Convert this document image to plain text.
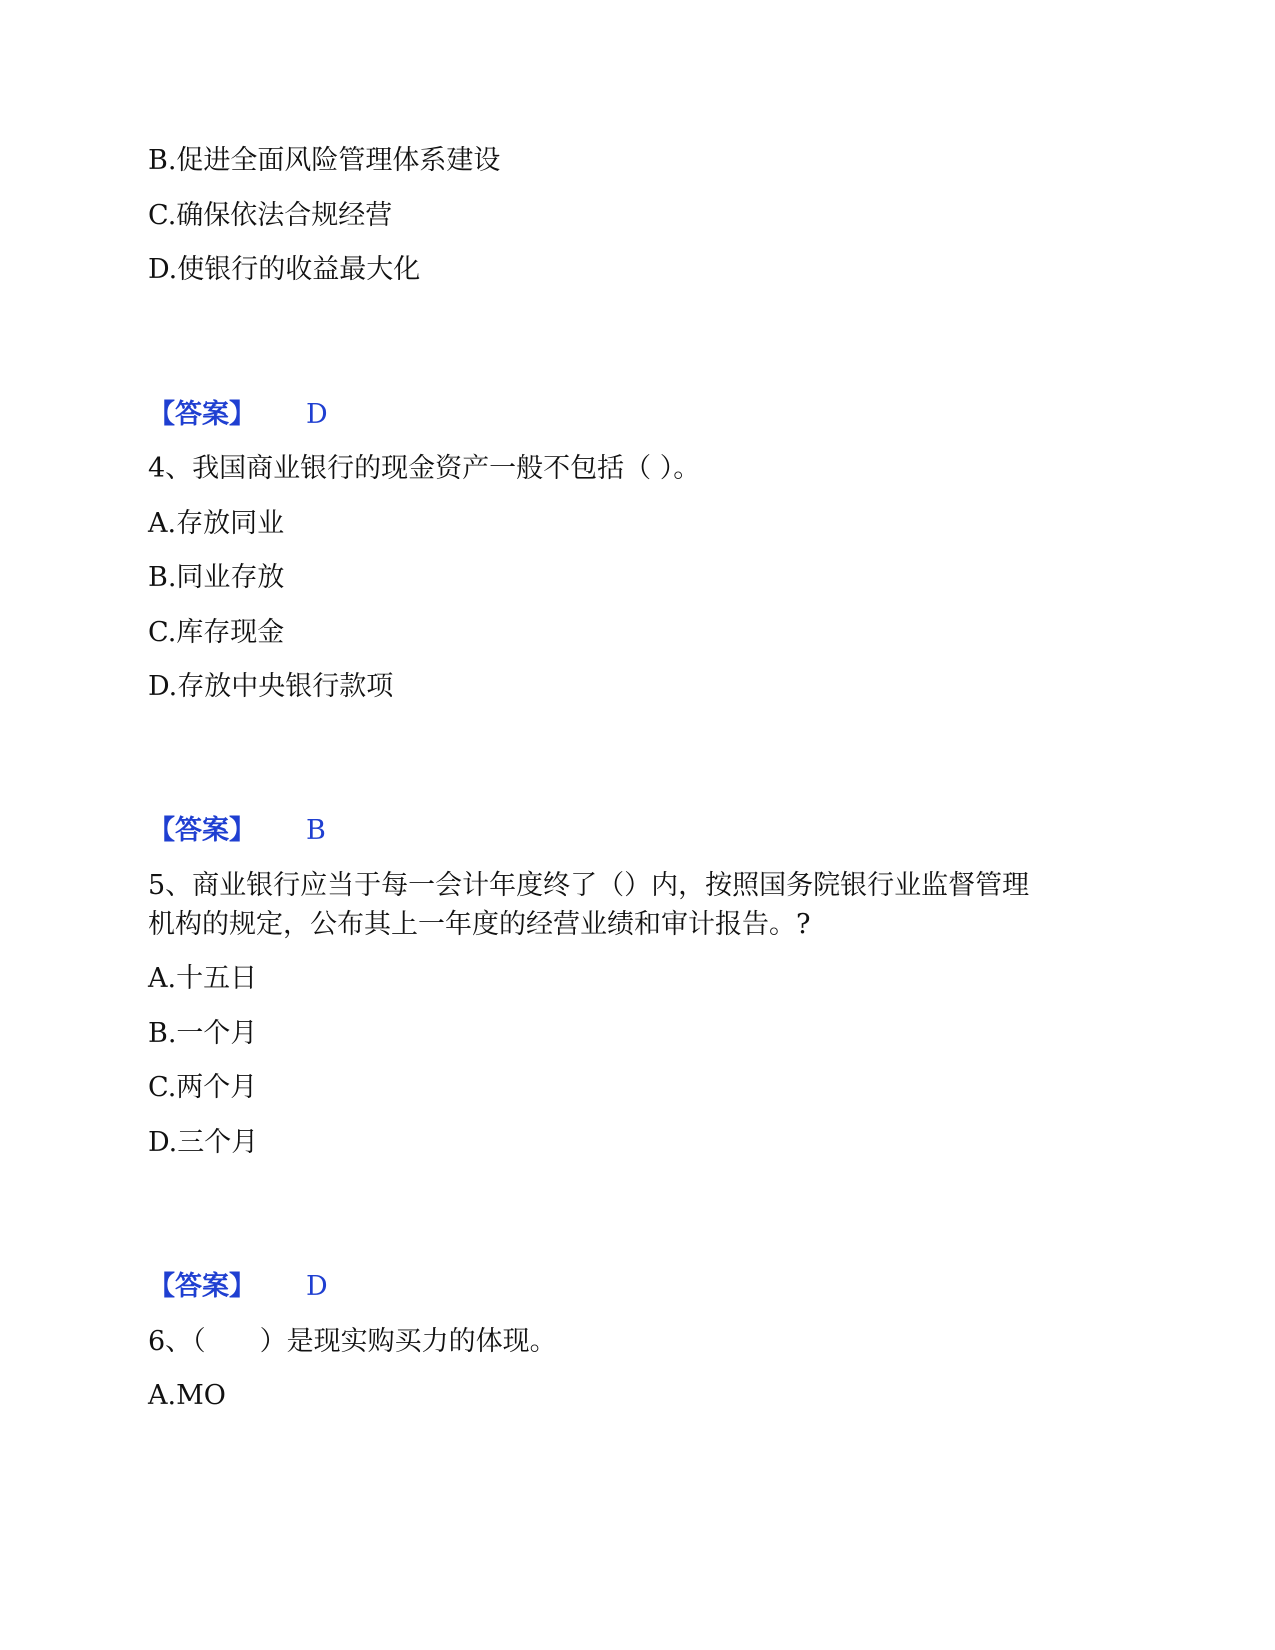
B.促进全面风险管理体系建设
C.确保依法合规经营
D.使银行的收益最大化
【答案】 D
4、我国商业银行的现金资产一般不包括（ ）。
A.存放同业
B.同业存放
C.库存现金
D.存放中央银行款项
【答案】 B
5、商业银行应当于每一会计年度终了（）内，按照国务院银行业监督管理
机构的规定，公布其上一年度的经营业绩和审计报告。?
A.十五日
B.一个月
C.两个月
D.三个月
【答案】 D
6、（　　）是现实购买力的体现。
A.MO
